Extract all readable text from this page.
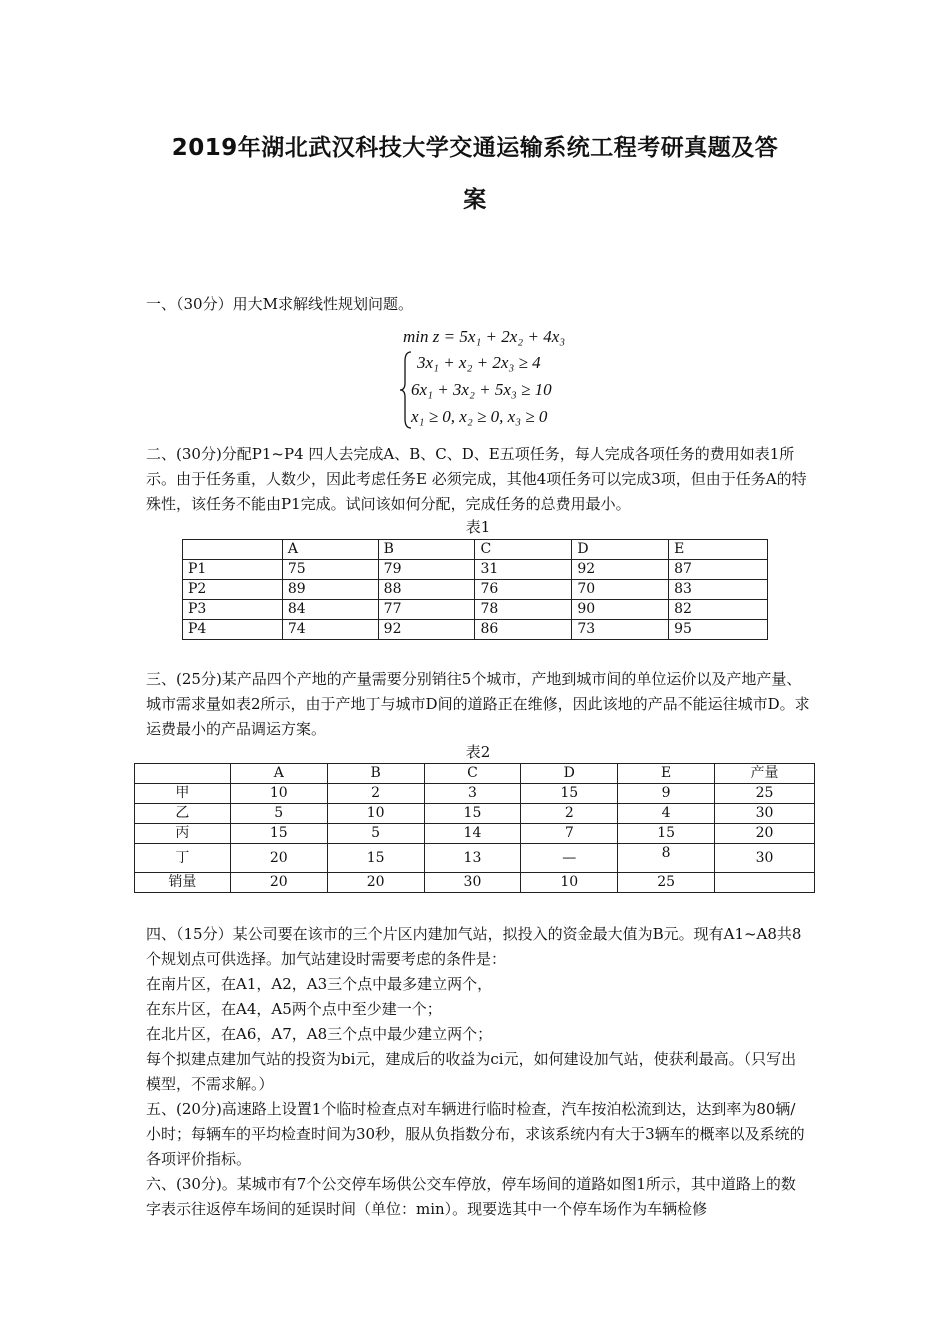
2019年湖北武汉科技大学交通运输系统工程考研真题及答
案
一、（30分）用大M求解线性规划问题。
min z = 5x₁ + 2x₂ + 4x₃
3x₁ + x₂ + 2x₃ ≥ 4
6x₁ + 3x₂ + 5x₃ ≥ 10
x₁ ≥ 0, x₂ ≥ 0, x₃ ≥ 0
二、(30分)分配P1~P4 四人去完成A、B、C、D、E五项任务，每人完成各项任务的费用如表1所示。由于任务重，人数少，因此考虑任务E 必须完成，其他4项任务可以完成3项，但由于任务A的特殊性，该任务不能由P1完成。试问该如何分配，完成任务的总费用最小。
表1
	A	B	C	D	E
P1	75	79	31	92	87
P2	89	88	76	70	83
P3	84	77	78	90	82
P4	74	92	86	73	95
三、(25分)某产品四个产地的产量需要分别销往5个城市，产地到城市间的单位运价以及产地产量、城市需求量如表2所示，由于产地丁与城市D间的道路正在维修，因此该地的产品不能运往城市D。求运费最小的产品调运方案。
表2
	A	B	C	D	E	产量
甲	10	2	3	15	9	25
乙	5	10	15	2	4	30
丙	15	5	14	7	15	20
丁	20	15	13	—	8	30
销量	20	20	30	10	25	
四、（15分）某公司要在该市的三个片区内建加气站，拟投入的资金最大值为B元。现有A1~A8共8个规划点可供选择。加气站建设时需要考虑的条件是：
在南片区，在A1，A2，A3三个点中最多建立两个，
在东片区，在A4，A5两个点中至少建一个；
在北片区，在A6，A7，A8三个点中最少建立两个；
每个拟建点建加气站的投资为bi元，建成后的收益为ci元，如何建设加气站，使获利最高。（只写出模型，不需求解。）
五、(20分)高速路上设置1个临时检查点对车辆进行临时检查，汽车按泊松流到达，达到率为80辆/小时；每辆车的平均检查时间为30秒，服从负指数分布，求该系统内有大于3辆车的概率以及系统的各项评价指标。
六、(30分)。某城市有7个公交停车场供公交车停放，停车场间的道路如图1所示，其中道路上的数字表示往返停车场间的延误时间（单位：min）。现要选其中一个停车场作为车辆检修
